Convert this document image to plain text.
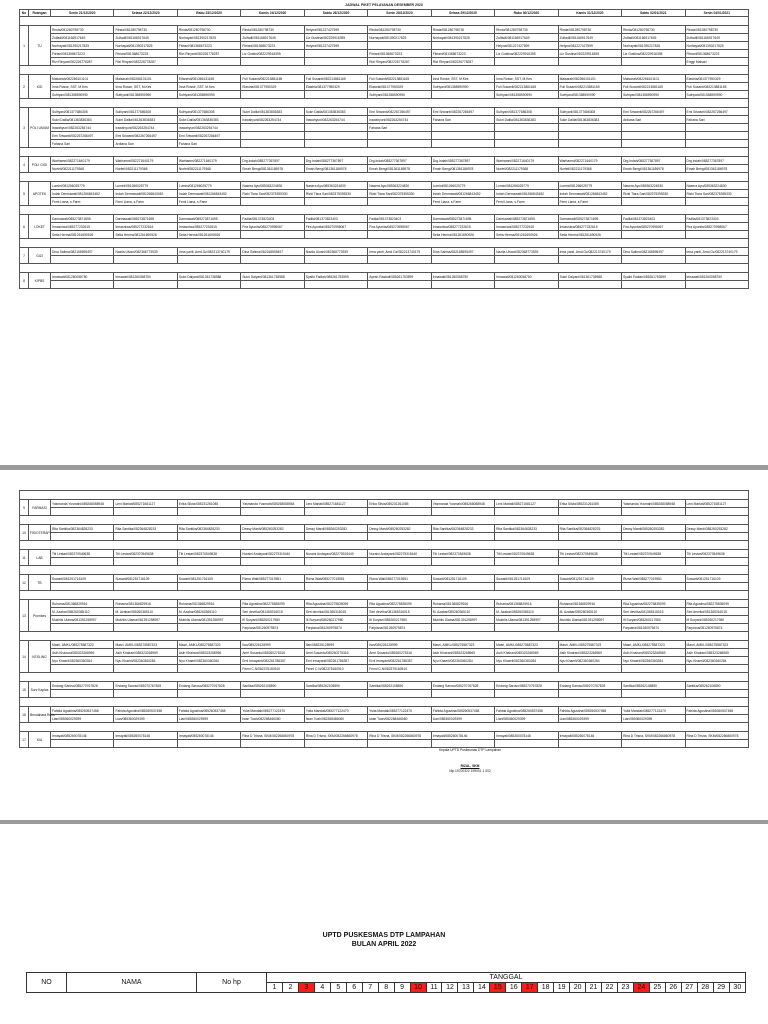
JADWAL PIKET PELAYANAN DESEMBER 2020
No	Ruangan	Senin 21/12/2020	Selasa 22/12/2020	Rabu 23/12/2020	Kamis 24/12/2020	Sabtu 26/12/2020	Senin 28/12/2020	Selasa 29/12/2020	Rabu 30/12/2020	Kamis 31/12/2020	Sabtu 02/01/2021	Senin 04/01/2021

1	TU	Rinda/081280798730	Rinda/081280798730	Rinda/081280798730	Rinda/081280798730	Helyna/081227427599	Rinda/081280798730	Rinda/081280798730	Rinda/081280798730	Rinda/081280798730	Rinda/081280798730	Rinda/081280798730
		Zulfadli/081166917649	Zulfadli/081166917649	Nurhayati/081390217825	Zulfadli/081166917649	Liz Gustina/082229916395	Nurhayati/081390217825	Nurhayati/081390217825	Zulfadli/081166917649	Zulfadli/081166917649	Zulfadli/081166917649	Zulfadli/081166917649
		Nurhayati/081390217825	Nurhayati/081390217825	Fitriani/081368673223	Fitriani/081368673223	Helyna/081227427599			Helyna/081227427599	Helyna/081227427599	Nurhayati/081390217825	Nurhayati/081390217825
		Fitriani/081368673223	Fitriani/081368673223	Rizi Rinyani/082226778287	Liz Gustini/082229916395		Fitriani/081368673223	Fitriani/081368673223	Liz Gustina/082229916395	Liz Gustina/082229916395	Liz Gustina/082229916395	Fitriani/081368673223
		Rizi Rinyani/082226778287	Rizi Rinyani/082226778287				Rizi Rinyani/082226778287	Rizi Rinyani/082226778287				Enggi Maisari

2	IGD	Maisarah/082266101101	Maisarah/082266101101	Elfanesti/081366131155	Fuli Susanti/082213881165	Fuli Susanti/082213881165	Fuli Susanti/082213881165	Inna Rosse, SST, M.Kes	Inna Rosse, SST, M.Kes	Maisarah/082266101101	Maisarah/082266101101	Elastria/081377950329
		Inna Rosse, SST, M.Kes	Inna Rosse, SST, M.Kes	Inna Rosse, SST, M.Kes	Elastria/081377950329	Elastria/081377950329	Elastria/081377950329	Sufriyani/081358590990	Fuli Susanti/082213881165	Fuli Susanti/082213881165	Fuli Susanti/082213881165	Fuli Susanti/082213881165
		Sufriyani/081358590990	Sufriyani/081358590990	Sufriyani/081358590990			Sufriyani/081358590990		Sufriyani/081358590990	Sufriyani/081358590990	Sufriyani/081358590990	Sufriyani/081358590990

3	POLI UMUM	Sulhyani/081377686308	Sulhyani/081377686308	Sulhyani/081377686308	Sukri Dalila/081363836383	Sukri Dalila/081363836383	Emi Sriwanti/082267266497	Emi Sriwanti/082267266497	Sulhyani/081377686308	Sulhyani/081377686308	Emi Sriwanti/082267266497	Emi Sriwanti/082267266497
		Sukri Dalila/081363836383	Sukri Dalila/081363836383	Sukri Dalila/081363836383	Irawahyuni/082263254744	Irawahyuni/082263254744	Irawahyuni/082263254744	Fahana Sari	Sukri Dalila/081363836383	Sukri Dalila/081363836383	Ardiana Sari	Fahana Sari
		Irawahyuni/082263254744	Irawahyuni/082263254744	Irawahyuni/082263254744			Fahana Sari					
		Emi Sriwanti/082267266497	Emi Sriwanti/082267266497	Emi Sriwanti/082267266497								
		Fahana Sari	Ardiana Sari	Fahana Sari								

4	POLI GIGI	Warhamni/082271640179	Warhamni/082271640179	Warhamni/082271640179	Drg.Indah/085277367897	Drg.Indah/085277367897	Drg.Indah/085277367897	Drg.Indah/085277367897	Warhamni/082271640179	Warhamni/082271640179	Drg.Indah/085277367897	Drg.Indah/085277367897
		Nurfeli/082211179368	Nurfeli/082211179368	Nurfeli/082211179368	Emah Bengi/081361186978	Emah Bengi/081361186978	Emah Bengi/081361186978	Emah Bengi/081361186978	Nurfeli/082211179368	Nurfeli/082211179368	Emah Bengi/081361186978	Emah Bengi/081361186978

5	APOTEK	Lumini/081266025779	Lumini/081266025779	Lumini/081266025779	Nasera Ayu/085363224830	Nasera Ayu/085363224830	Nasera Ayu/085363224830	Lumini/081266025779	Lumini/081266025779	Lumini/081266025779	Nasera Ayu/085363224830	Nasera Ayu/085363224830
		Indah Dermawati/081266843452	Indah Dermawati/081266843452	Indah Dermawati/081266843452	Rizki Tiara Sari/082375395330	Rizki Tiara Sari/082375395330	Rizki Tiara Sari/082375395330	Indah Dermawati/081266843452	Indah Dermawati/081266843452	Indah Dermawati/081266843452	Rizki Tiara Sari/082375395330	Rizki Tiara Sari/082375395330
		Femi Liana, s.Farm	Femi Liana, s.Farm	Femi Liana, s.Farm				Femi Liana, s.Farm	Femi Liana, s.Farm	Femi Liana, s.Farm		

6	LOKET	Darmawati/085273871695	Darmawati/085273871695	Darmawati/085273871695	Fadlia/081373823403	Fadlia/081373823403	Fadlia/081373823403	Darmawati/085273871695	Darmawati/085273871695	Darmawati/085273871695	Fadlia/081373823403	Fadlia/081373823403
		Irmasniwa/085277232615	Irmasniwa/085277232615	Irmasniwa/085277232615	Fira Ayunita/085270998067	Fira Ayunita/085270998067	Fira Ayunita/085270998067	Irmasniwa/085277232615	Irmasniwa/085277232615	Irmasniwa/085277232615	Fira Ayunita/085270998067	Fira Ayunita/085270998067
		Setia Herma/081261690926	Setia Herma/081261690926	Setia Herma/081261690926				Setia Herma/081261690926	Setia Herma/081261690926	Setia Herma/081261690926		

7	GIZI	Dina Salima/082168595497	Nazila Ulvani/082368773939	Irma yanti, Amd.Gz/082213740179	Dina Salima/082168595497	Nazila Ulvani/082368773939	Irma yanti, Amd.Gz/082213740179	Dina Salima/082168595497	Nazila Ulvani/082368773939	Irma yanti, Amd.Gz/082213740179	Dina Salima/082168595497	Irma yanti, Amd.Gz/082213740179

8	KIPBS	Irmawati/081260058750	Irmawati/081260058750	Sukri Dalyani/081361738988	Sukri Dalyani/081361738988	Syaibi Fadiah/085261753599	Ayesh Rasbali/085261753599	Irmawati/081260058750	Irmawati/081260058750	Sukri Dalyani/081361738988	Syaibi Fadiah/085261753599	Irmawati/081260058750

9	FARMASI	Yasmanda Yusmahi/085268088948	Leni Marlati/085271681127	Erika Silvia/085231261085	Yasmanda Yusmahi/085268088948	Leni Marlati/085271681127	Erika Silvia/085231261085	Yasmanda Yusmahi/085268088948	Leni Marlati/085271681127	Erika Silvia/085231261085	Yasmanda Yusmahi/085268088948	Leni Marlati/085271681127

10	FISIOTERAPI	Rita Santika/082364828233	Rita Santika/082364828233	Rita Santika/082364828233	Dessy Mardi/085260253282	Dessy Mardi/085260253282	Dessy Mardi/085260253282	Rita Santika/082364828233	Rita Santika/082364828233	Rita Santika/082364828233	Dessy Mardi/085260253282	Dessy Mardi/085260253282

11	LAB	Titi Lestari/082370549638	Titi Lestari/082370549638	Titi Lestari/082370549638	Nuraini Andayani/082275315440	Nuraini Andayani/082275315440	Nuraini Andayani/082275315440	Titi Lestari/082370549638	Titi Lestari/082370549638	Titi Lestari/082370549638	Titi Lestari/082370549638	Titi Lestari/082370549638

12	TB	Suwarti/081251716109	Suwarti/081251716109	Suwarti/081251716109	Rizna Wati/085277019551	Rizna Wati/085277019551	Rizna Wati/085277019551	Suwarti/081251716109	Suwarti/081251716109	Suwarti/081251716109	Rizna Wati/085277019551	Suwarti/081251716109

13	Promkes	Ruhama/081366829916	Ruhama/081366829916	Ruhama/081366829916	Rita Agustina/082275835099	Rita Agustina/082275835099	Rita Agustina/082275835099	Ruhama/081366829916	Ruhama/081366829916	Ruhama/081366829916	Rita Agustina/082275835099	Rita Agustina/082275835099
		M. Azabar/085260365110	M. Azabar/085260365110	M. Azabar/085260365110	Seri devrika/081365316015	Seri devrika/081365316015	Seri devrika/081365316015	M. Azabar/085260365110	M. Azabar/085260365110	M. Azabar/085260365110	Seri devrika/081365316015	Seri devrika/081365316015
		Mukhlis Ulama/081391258997	Mukhlis Ulama/081391258997	Mukhlis Ulama/081391258997	Ifi Suryani/085260217980	Ifi Suryani/085260217980	Ifi Suryani/085260217980	Mukhlis Ulama/081391258997	Mukhlis Ulama/081391258997	Mukhlis Ulama/081391258997	Ifi Suryani/085260217980	Ifi Suryani/085260217980
					Farpiana/081260975874	Farpiana/081260975874	Farpiana/081260975874				Farpiana/081260975874	Farpiana/081260975874

14	KESLING	Masri, AMKL/085275587323	Masri, AMKL/085275587323	Masri, AMKL/085275587323	Ilan/085226128999	Ilan/085226128999	Ilan/085226128999	Masri, AMKL/085275587323	Masri, AMKL/085275587323	Masri, AMKL/085275587323	Masri, AMKL/085275587323	Masri, AMKL/085275587323
		Asih Khairani/085323268969	Asih Khairani/085323268969	Asih Khairani/085323268969	Amri Susanto/085260275316	Amri Susanto/085260275316	Amri Susanto/085260275316	Asih Khairani/085323268969	Asih Khairani/085323268969	Asih Khairani/085323268969	Asih Khairani/085323268969	Asih Khairani/085323268969
		Nyu Khaerli/082360360284	Nyu Khaerli/082360360284	Nyu Khaerli/082360360284	Ernl Irmayanti/082261786357	Ernl Irmayanti/082261786357	Ernl Irmayanti/082261786357	Nyu Khaerli/082360360284	Nyu Khaerli/082360360284	Nyu Khaerli/082360360284	Nyu Khaerli/082360360284	Nyu Khaerli/082360360284
					Fenni C.N/082375160510	Fenni C.N/082375160510	Fenni C.N/082375160510					

15	Surv Kaplas	Endang Saroso/085270767828	Endang Saroso/085270767828	Endang Saroso/085270767828	Santika/085262108890	Santika/085262108890	Santika/085262108890	Endang Saroso/085270767828	Endang Saroso/085270767828	Endang Saroso/085270767828	Santika/085262108890	Santika/085262108890

16	Bendahara Rutin	Fahida Agustina/085260537458	Fahida Agustina/085260537458	Fahida Agustina/085260537458	Yulia Mandak/085277122470	Yulia Mandak/085277122470	Yulia Mandak/085277122470	Fahida Agustina/085260537458	Fahida Agustina/085260537458	Fahida Agustina/085260537458	Yulia Mandak/085277122470	Fahida Agustina/085260537458
		Lian/085360029399	Lian/085360029399	Lian/085360029399	Iwan Tuah/082268466080	Iwan Tuah/082268466080	Iwan Tuah/082268466080	Lian/085360029399	Lian/085360029399	Lian/085360029399	Lian/085360029399	

17	KIA	Irmayati/085260078146	Irmayati/085260078146	Irmayati/085260078146	Rina D Trisna, SKM/082266860978	Rina D Trisna, SKM/082266860978	Rina D Trisna, SKM/082266860978	Irmayati/085260078146	Irmayati/085260078146	Irmayati/085260078146	Rina D Trisna, SKM/082266860978	Rina D Trisna, SKM/082266860978

Kepala UPTD Puskesmas DTP Lampahan
RIZAL, SKM
Nip.19700322 199001 1 002
UPTD PUSKESMAS DTP LAMPAHAN
BULAN APRIL 2022
NO	NAMA	No hp	TANGGAL																													
			1	2	3	4	5	6	7	8	9	10	11	12	13	14	15	16	17	18	19	20	21	22	23	24	25	26	27	28	29	30
